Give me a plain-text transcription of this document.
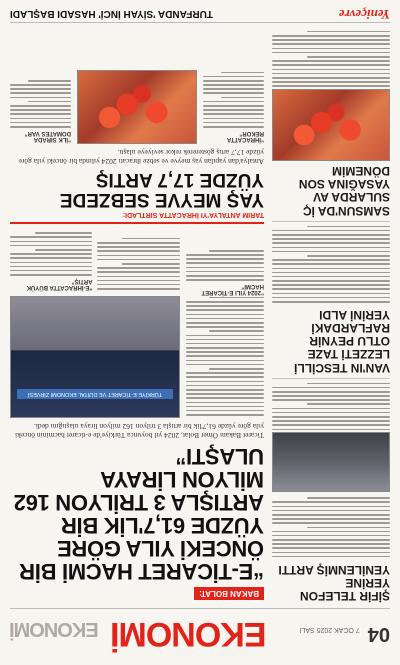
04
7 OCAK 2025 SALI
EKONOMİ EKONOMİ
ŞİFİR TELEFON YERİNE YENİLENMİŞ ARTTI
VAN'IN TESCİLLİ LEZZETİ TAZE OTLU PEYNİR RAFLARDAKİ YERİNİ ALDI
SAMSUN'DA İÇ SULARDA AV YASAĞINA SON DÖNEMİM
BAKAN BOLAT:
“E-TİCARET HACMİ BİR ÖNCEKİ YILA GÖRE YÜZDE 61,7'LİK BİR ARTIŞLA 3 TRİLYON 162 MİLYON LİRAYA ULAŞTI”
Ticaret Bakanı Ömer Bolat, 2024 yıl boyunca Türkiye'de e-ticaret hacminin önceki yıla göre yüzde 61,7'lik bir artışla 3 trilyon 162 milyon liraya ulaştığını dedi.
“2024 YILI E-TİCARET HACMİ”
TÜRKİYE E-TİCARET VE DİJİTAL EKONOMİ ZİRVESİ
“E-İHRACATTA BÜYÜK ARTIŞ”
TARIM ANTALYA'YI İHRACATTA SIRTLADI:
YAŞ MEYVE SEBZEDE YÜZDE 17,7 ARTIŞ
Antalya'dan yapılan yaş meyve ve sebze ihracatı 2024 yılında bir önceki yıla göre yüzde 17,7 artış göstererek rekor seviyeye ulaştı.
“İHRACATTA REKOR”
“İLK SIRADA DOMATES VAR”
Yeniçevre
TURFANDA 'SİYAH İNCİ' HASADI BAŞLADI
